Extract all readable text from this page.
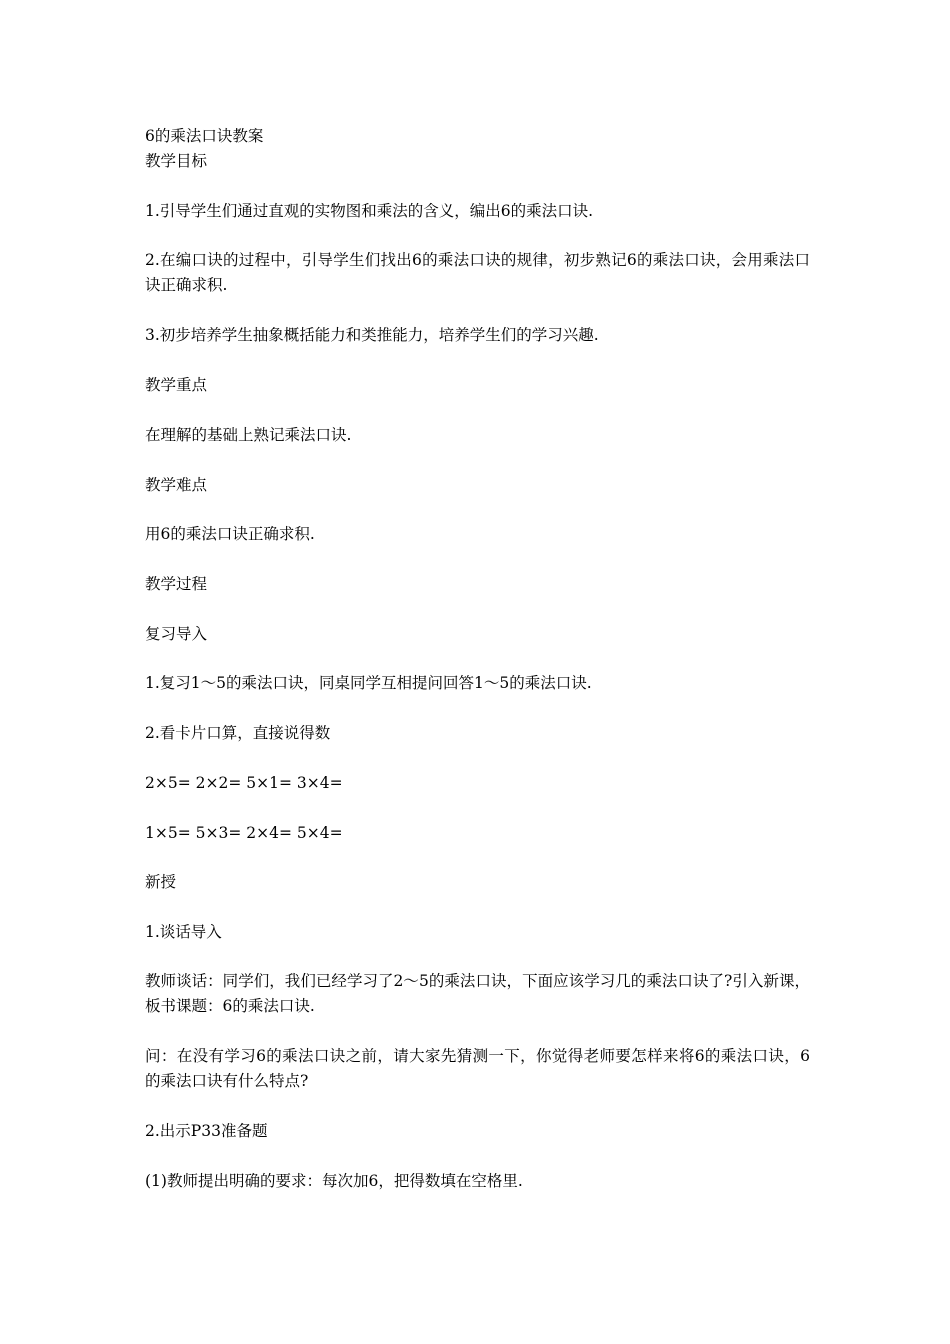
6的乘法口诀教案
教学目标
1.引导学生们通过直观的实物图和乘法的含义，编出6的乘法口诀.
2.在编口诀的过程中，引导学生们找出6的乘法口诀的规律，初步熟记6的乘法口诀，会用乘法口诀正确求积.
3.初步培养学生抽象概括能力和类推能力，培养学生们的学习兴趣.
教学重点
在理解的基础上熟记乘法口诀.
教学难点
用6的乘法口诀正确求积.
教学过程
复习导入
1.复习1～5的乘法口诀，同桌同学互相提问回答1～5的乘法口诀.
2.看卡片口算，直接说得数
2×5= 2×2= 5×1= 3×4=
1×5= 5×3= 2×4= 5×4=
新授
1.谈话导入
教师谈话：同学们，我们已经学习了2～5的乘法口诀，下面应该学习几的乘法口诀了?引入新课，板书课题：6的乘法口诀.
问：在没有学习6的乘法口诀之前，请大家先猜测一下，你觉得老师要怎样来将6的乘法口诀，6的乘法口诀有什么特点?
2.出示P33准备题
(1)教师提出明确的要求：每次加6，把得数填在空格里.
